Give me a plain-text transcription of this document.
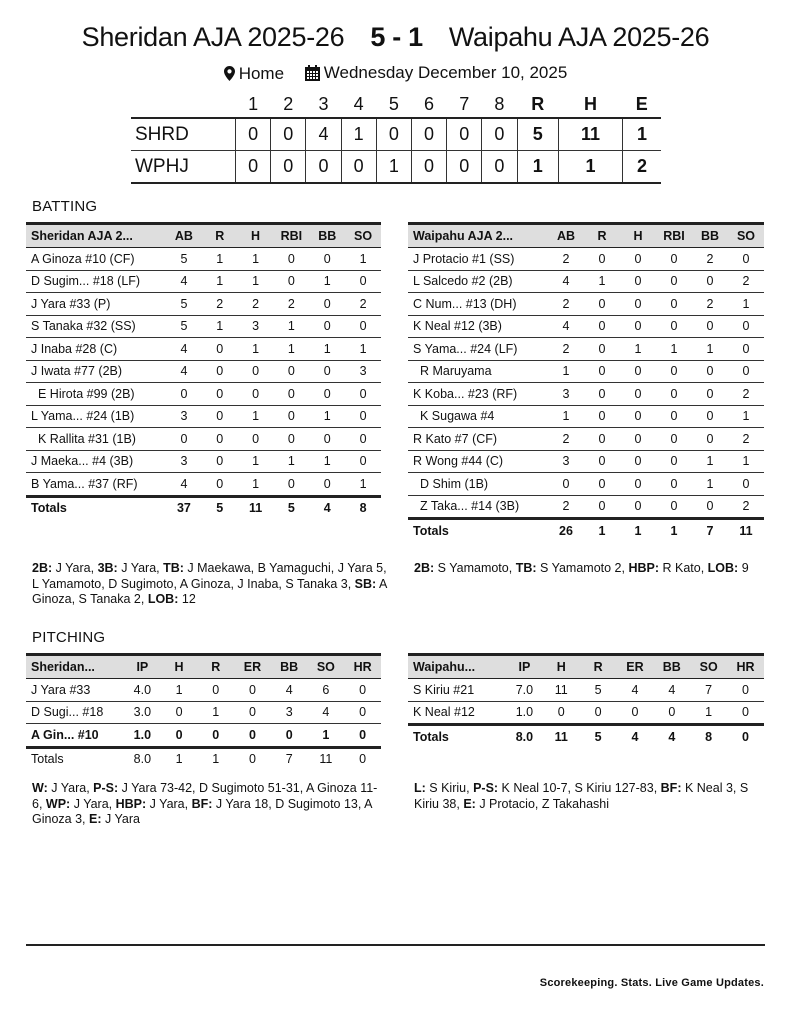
Sheridan AJA 2025-26 5 - 1 Waipahu AJA 2025-26
Home
Wednesday December 10, 2025
	1	2	3	4	5	6	7	8	R	H	E
SHRD	0	0	4	1	0	0	0	0	5	11	1
WPHJ	0	0	0	0	1	0	0	0	1	1	2
BATTING
Sheridan AJA 2...	AB	R	H	RBI	BB	SO
A Ginoza #10 (CF)	5	1	1	0	0	1
D Sugim... #18 (LF)	4	1	1	0	1	0
J Yara #33 (P)	5	2	2	2	0	2
S Tanaka #32 (SS)	5	1	3	1	0	0
J Inaba #28 (C)	4	0	1	1	1	1
J Iwata #77 (2B)	4	0	0	0	0	3
E Hirota #99 (2B)	0	0	0	0	0	0
L Yama... #24 (1B)	3	0	1	0	1	0
K Rallita #31 (1B)	0	0	0	0	0	0
J Maeka... #4 (3B)	3	0	1	1	1	0
B Yama... #37 (RF)	4	0	1	0	0	1
Totals	37	5	11	5	4	8
Waipahu AJA 2...	AB	R	H	RBI	BB	SO
J Protacio #1 (SS)	2	0	0	0	2	0
L Salcedo #2 (2B)	4	1	0	0	0	2
C Num... #13 (DH)	2	0	0	0	2	1
K Neal #12 (3B)	4	0	0	0	0	0
S Yama... #24 (LF)	2	0	1	1	1	0
R Maruyama	1	0	0	0	0	0
K Koba... #23 (RF)	3	0	0	0	0	2
K Sugawa #4	1	0	0	0	0	1
R Kato #7 (CF)	2	0	0	0	0	2
R Wong #44 (C)	3	0	0	0	1	1
D Shim (1B)	0	0	0	0	1	0
Z Taka... #14 (3B)	2	0	0	0	0	2
Totals	26	1	1	1	7	11
2B: J Yara, 3B: J Yara, TB: J Maekawa, B Yamaguchi, J Yara 5, L Yamamoto, D Sugimoto, A Ginoza, J Inaba, S Tanaka 3, SB: A Ginoza, S Tanaka 2, LOB: 12
2B: S Yamamoto, TB: S Yamamoto 2, HBP: R Kato, LOB: 9
PITCHING
Sheridan...	IP	H	R	ER	BB	SO	HR
J Yara #33	4.0	1	0	0	4	6	0
D Sugi... #18	3.0	0	1	0	3	4	0
A Gin... #10	1.0	0	0	0	0	1	0
Totals	8.0	1	1	0	7	11	0
Waipahu...	IP	H	R	ER	BB	SO	HR
S Kiriu #21	7.0	11	5	4	4	7	0
K Neal #12	1.0	0	0	0	0	1	0
Totals	8.0	11	5	4	4	8	0
W: J Yara, P-S: J Yara 73-42, D Sugimoto 51-31, A Ginoza 11-6, WP: J Yara, HBP: J Yara, BF: J Yara 18, D Sugimoto 13, A Ginoza 3, E: J Yara
L: S Kiriu, P-S: K Neal 10-7, S Kiriu 127-83, BF: K Neal 3, S Kiriu 38, E: J Protacio, Z Takahashi
Scorekeeping. Stats. Live Game Updates.
